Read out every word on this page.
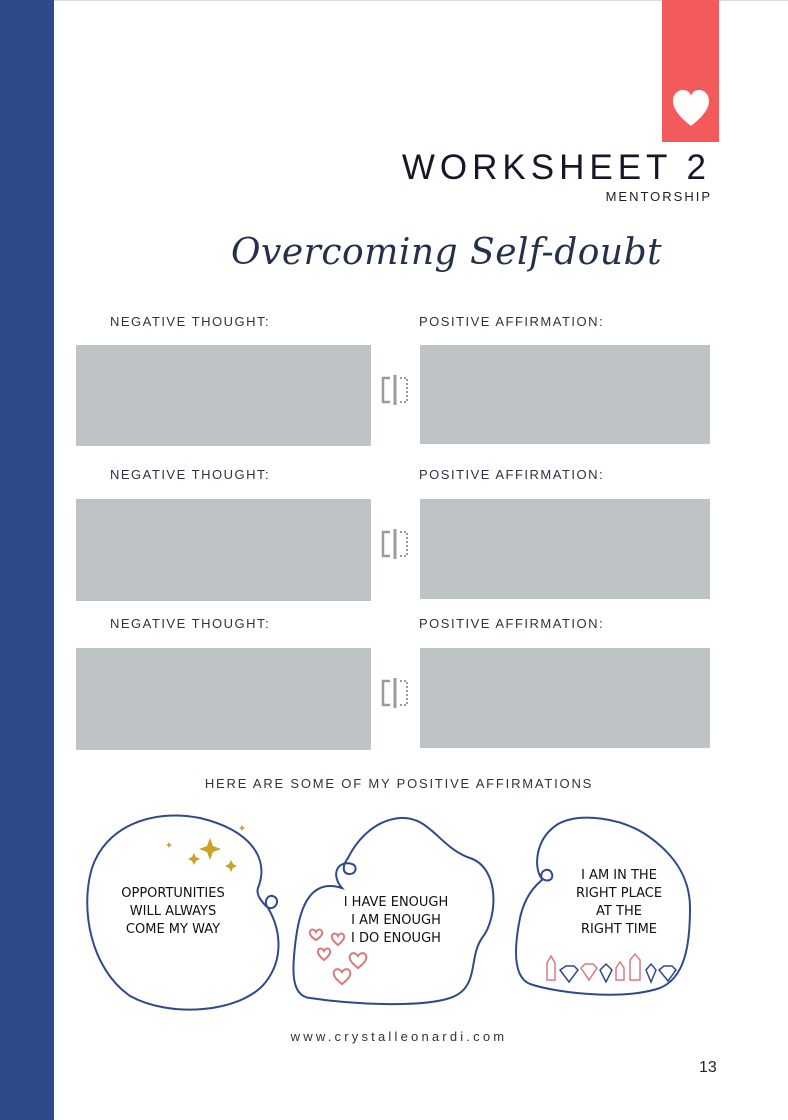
WORKSHEET 2
MENTORSHIP
Overcoming Self-doubt
NEGATIVE THOUGHT:	POSITIVE AFFIRMATION:
NEGATIVE THOUGHT:	POSITIVE AFFIRMATION:
NEGATIVE THOUGHT:	POSITIVE AFFIRMATION:
HERE ARE SOME OF MY POSITIVE AFFIRMATIONS
OPPORTUNITIES
WILL ALWAYS
COME MY WAY
I HAVE ENOUGH
I AM ENOUGH
I DO ENOUGH
I AM IN THE
RIGHT PLACE
AT THE
RIGHT TIME
www.crystalleonardi.com
13
